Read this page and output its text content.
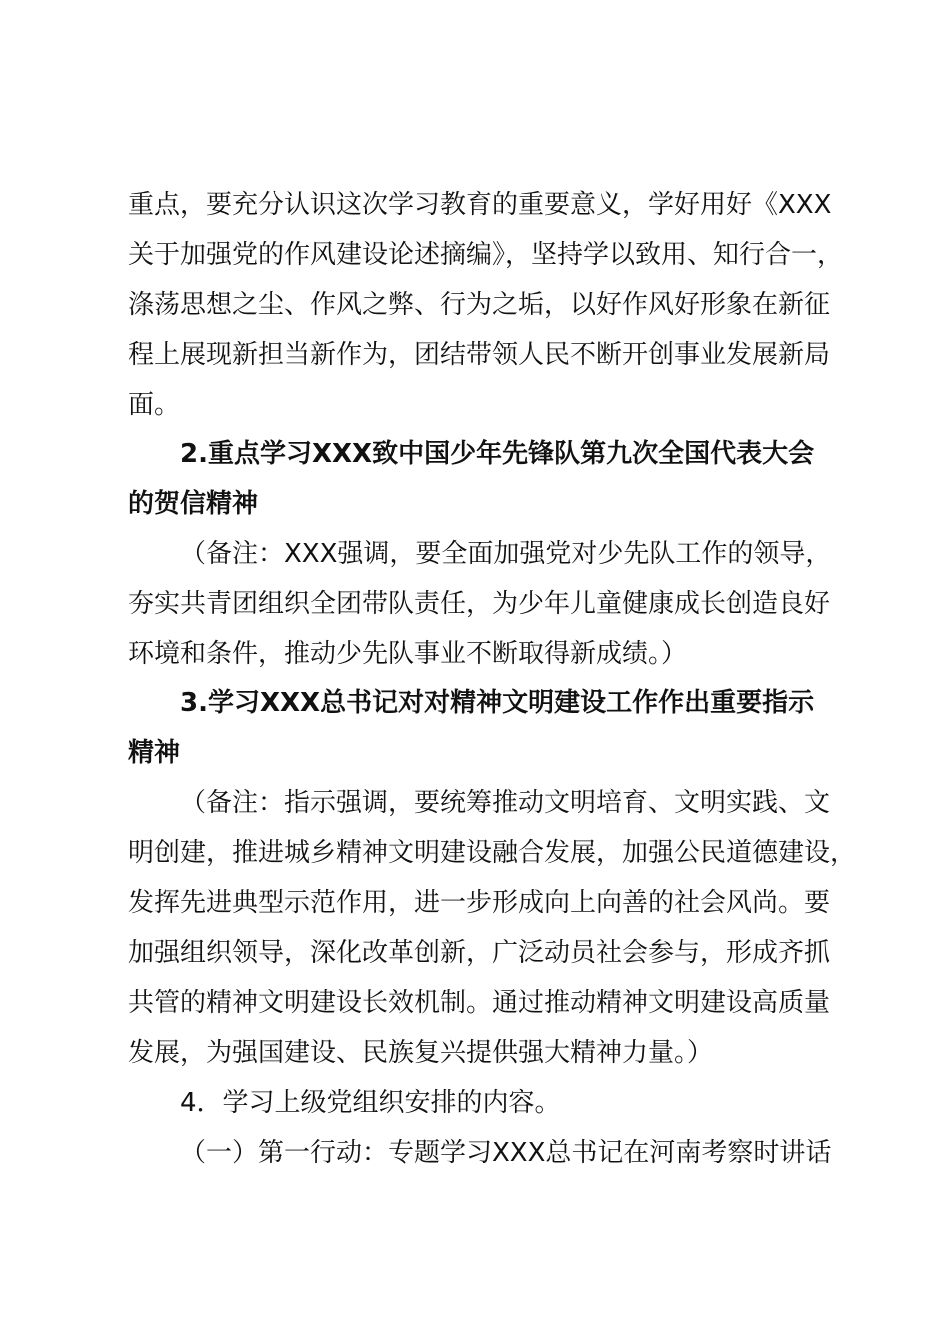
重点，要充分认识这次学习教育的重要意义，学好用好《XXX
关于加强党的作风建设论述摘编》，坚持学以致用、知行合一，
涤荡思想之尘、作风之弊、行为之垢，以好作风好形象在新征
程上展现新担当新作为，团结带领人民不断开创事业发展新局
面。
2.重点学习XXX致中国少年先锋队第九次全国代表大会
的贺信精神
（备注：XXX强调，要全面加强党对少先队工作的领导，
夯实共青团组织全团带队责任，为少年儿童健康成长创造良好
环境和条件，推动少先队事业不断取得新成绩。）
3.学习XXX总书记对对精神文明建设工作作出重要指示
精神
（备注：指示强调，要统筹推动文明培育、文明实践、文
明创建，推进城乡精神文明建设融合发展，加强公民道德建设，
发挥先进典型示范作用，进一步形成向上向善的社会风尚。要
加强组织领导，深化改革创新，广泛动员社会参与，形成齐抓
共管的精神文明建设长效机制。通过推动精神文明建设高质量
发展，为强国建设、民族复兴提供强大精神力量。）
4．学习上级党组织安排的内容。
（一）第一行动：专题学习XXX总书记在河南考察时讲话
